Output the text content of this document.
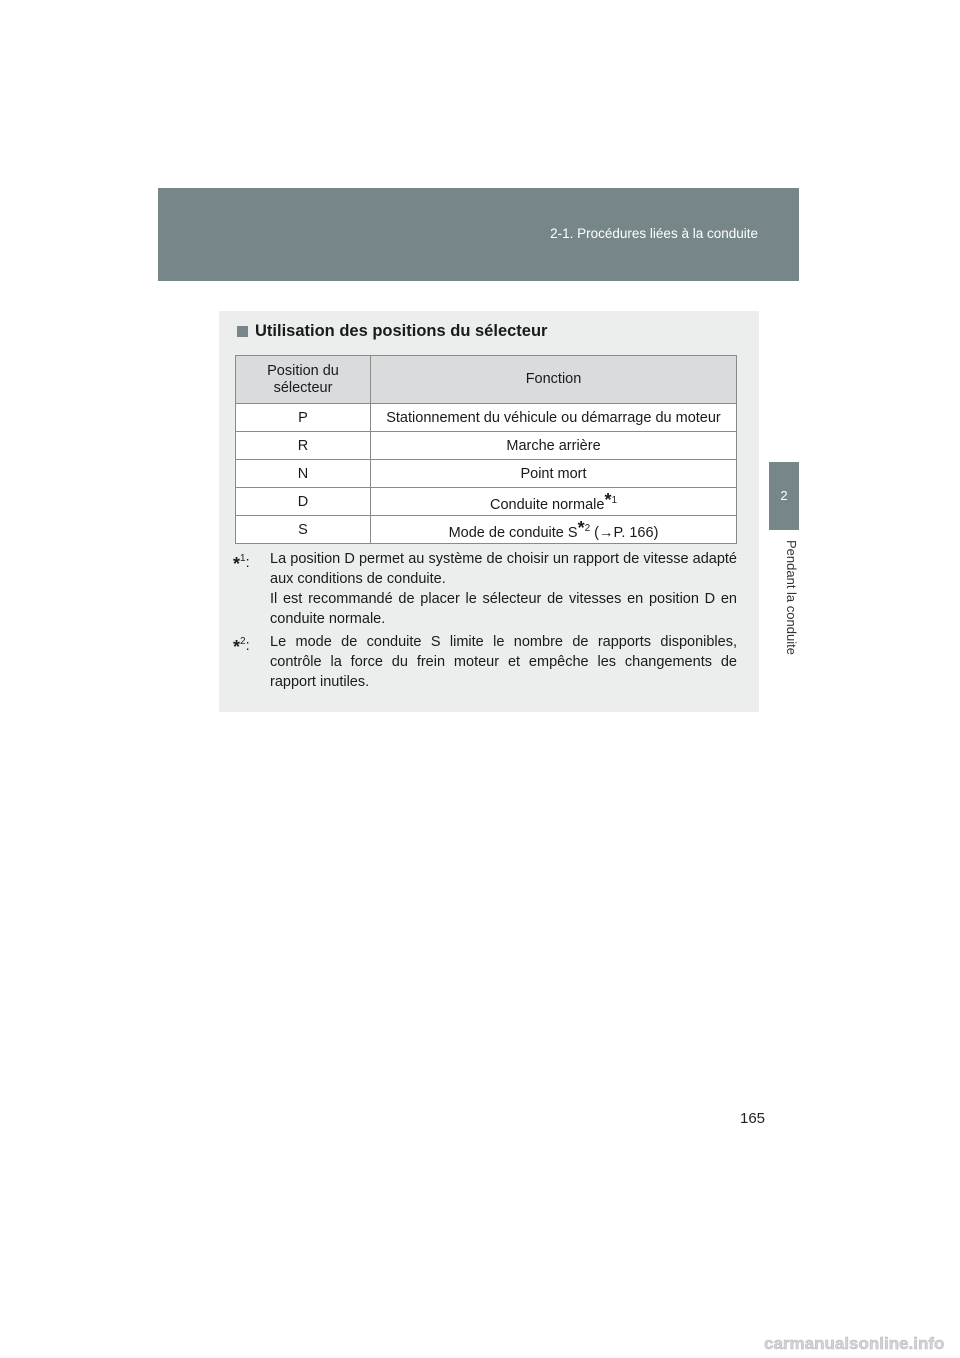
2-1. Procédures liées à la conduite
2
Pendant la conduite
Utilisation des positions du sélecteur
Position du sélecteur	Fonction
P	Stationnement du véhicule ou démarrage du moteur
R	Marche arrière
N	Point mort
D	Conduite normale$^{*1}$
S	Mode de conduite $S^{*2}$ (→P. 166)
*$^1$:	La position D permet au système de choisir un rapport de vitesse adapté aux conditions de conduite.

Il est recommandé de placer le sélecteur de vitesses en position D en conduite normale.

*$^2$:	Le mode de conduite S limite le nombre de rapports disponibles, contrôle la force du frein moteur et empêche les changements de rapport inutiles.

165
carmanualsonline.info
